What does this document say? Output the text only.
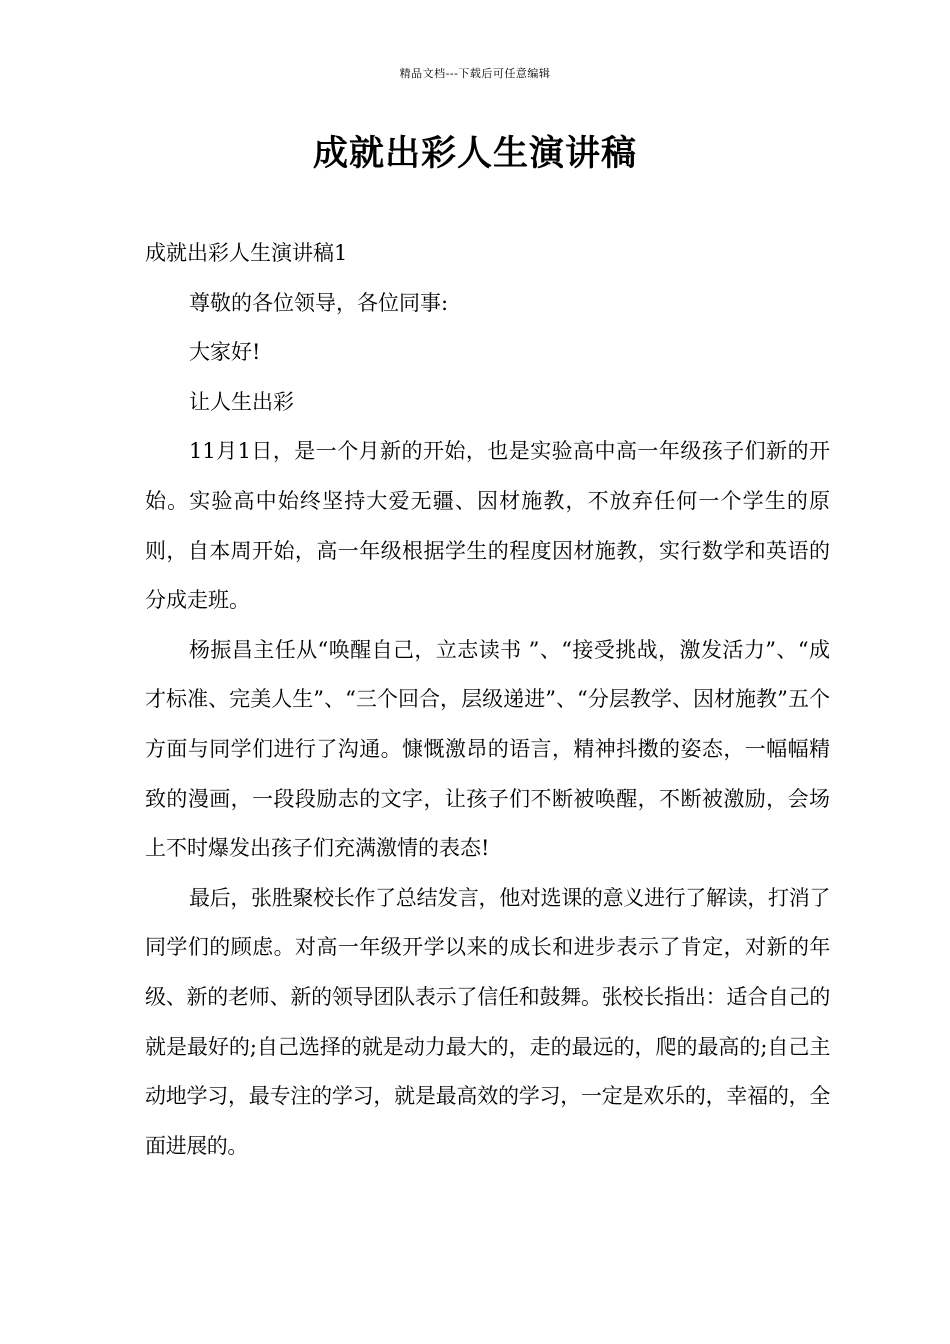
精品文档---下载后可任意编辑
成就出彩人生演讲稿

成就出彩人生演讲稿1

尊敬的各位领导，各位同事:

大家好!

让人生出彩

11月1日，是一个月新的开始，也是实验高中高一年级孩子们新的开始。实验高中始终坚持大爱无疆、因材施教，不放弃任何一个学生的原则，自本周开始，高一年级根据学生的程度因材施教，实行数学和英语的分成走班。

杨振昌主任从“唤醒自己，立志读书 ”、“接受挑战，激发活力”、“成才标准、完美人生”、“三个回合，层级递进”、“分层教学、因材施教”五个方面与同学们进行了沟通。慷慨激昂的语言，精神抖擞的姿态，一幅幅精致的漫画，一段段励志的文字，让孩子们不断被唤醒，不断被激励，会场上不时爆发出孩子们充满激情的表态!

最后，张胜聚校长作了总结发言，他对选课的意义进行了解读，打消了同学们的顾虑。对高一年级开学以来的成长和进步表示了肯定，对新的年级、新的老师、新的领导团队表示了信任和鼓舞。张校长指出：适合自己的就是最好的;自己选择的就是动力最大的，走的最远的，爬的最高的;自己主动地学习，最专注的学习，就是最高效的学习，一定是欢乐的，幸福的，全面进展的。
